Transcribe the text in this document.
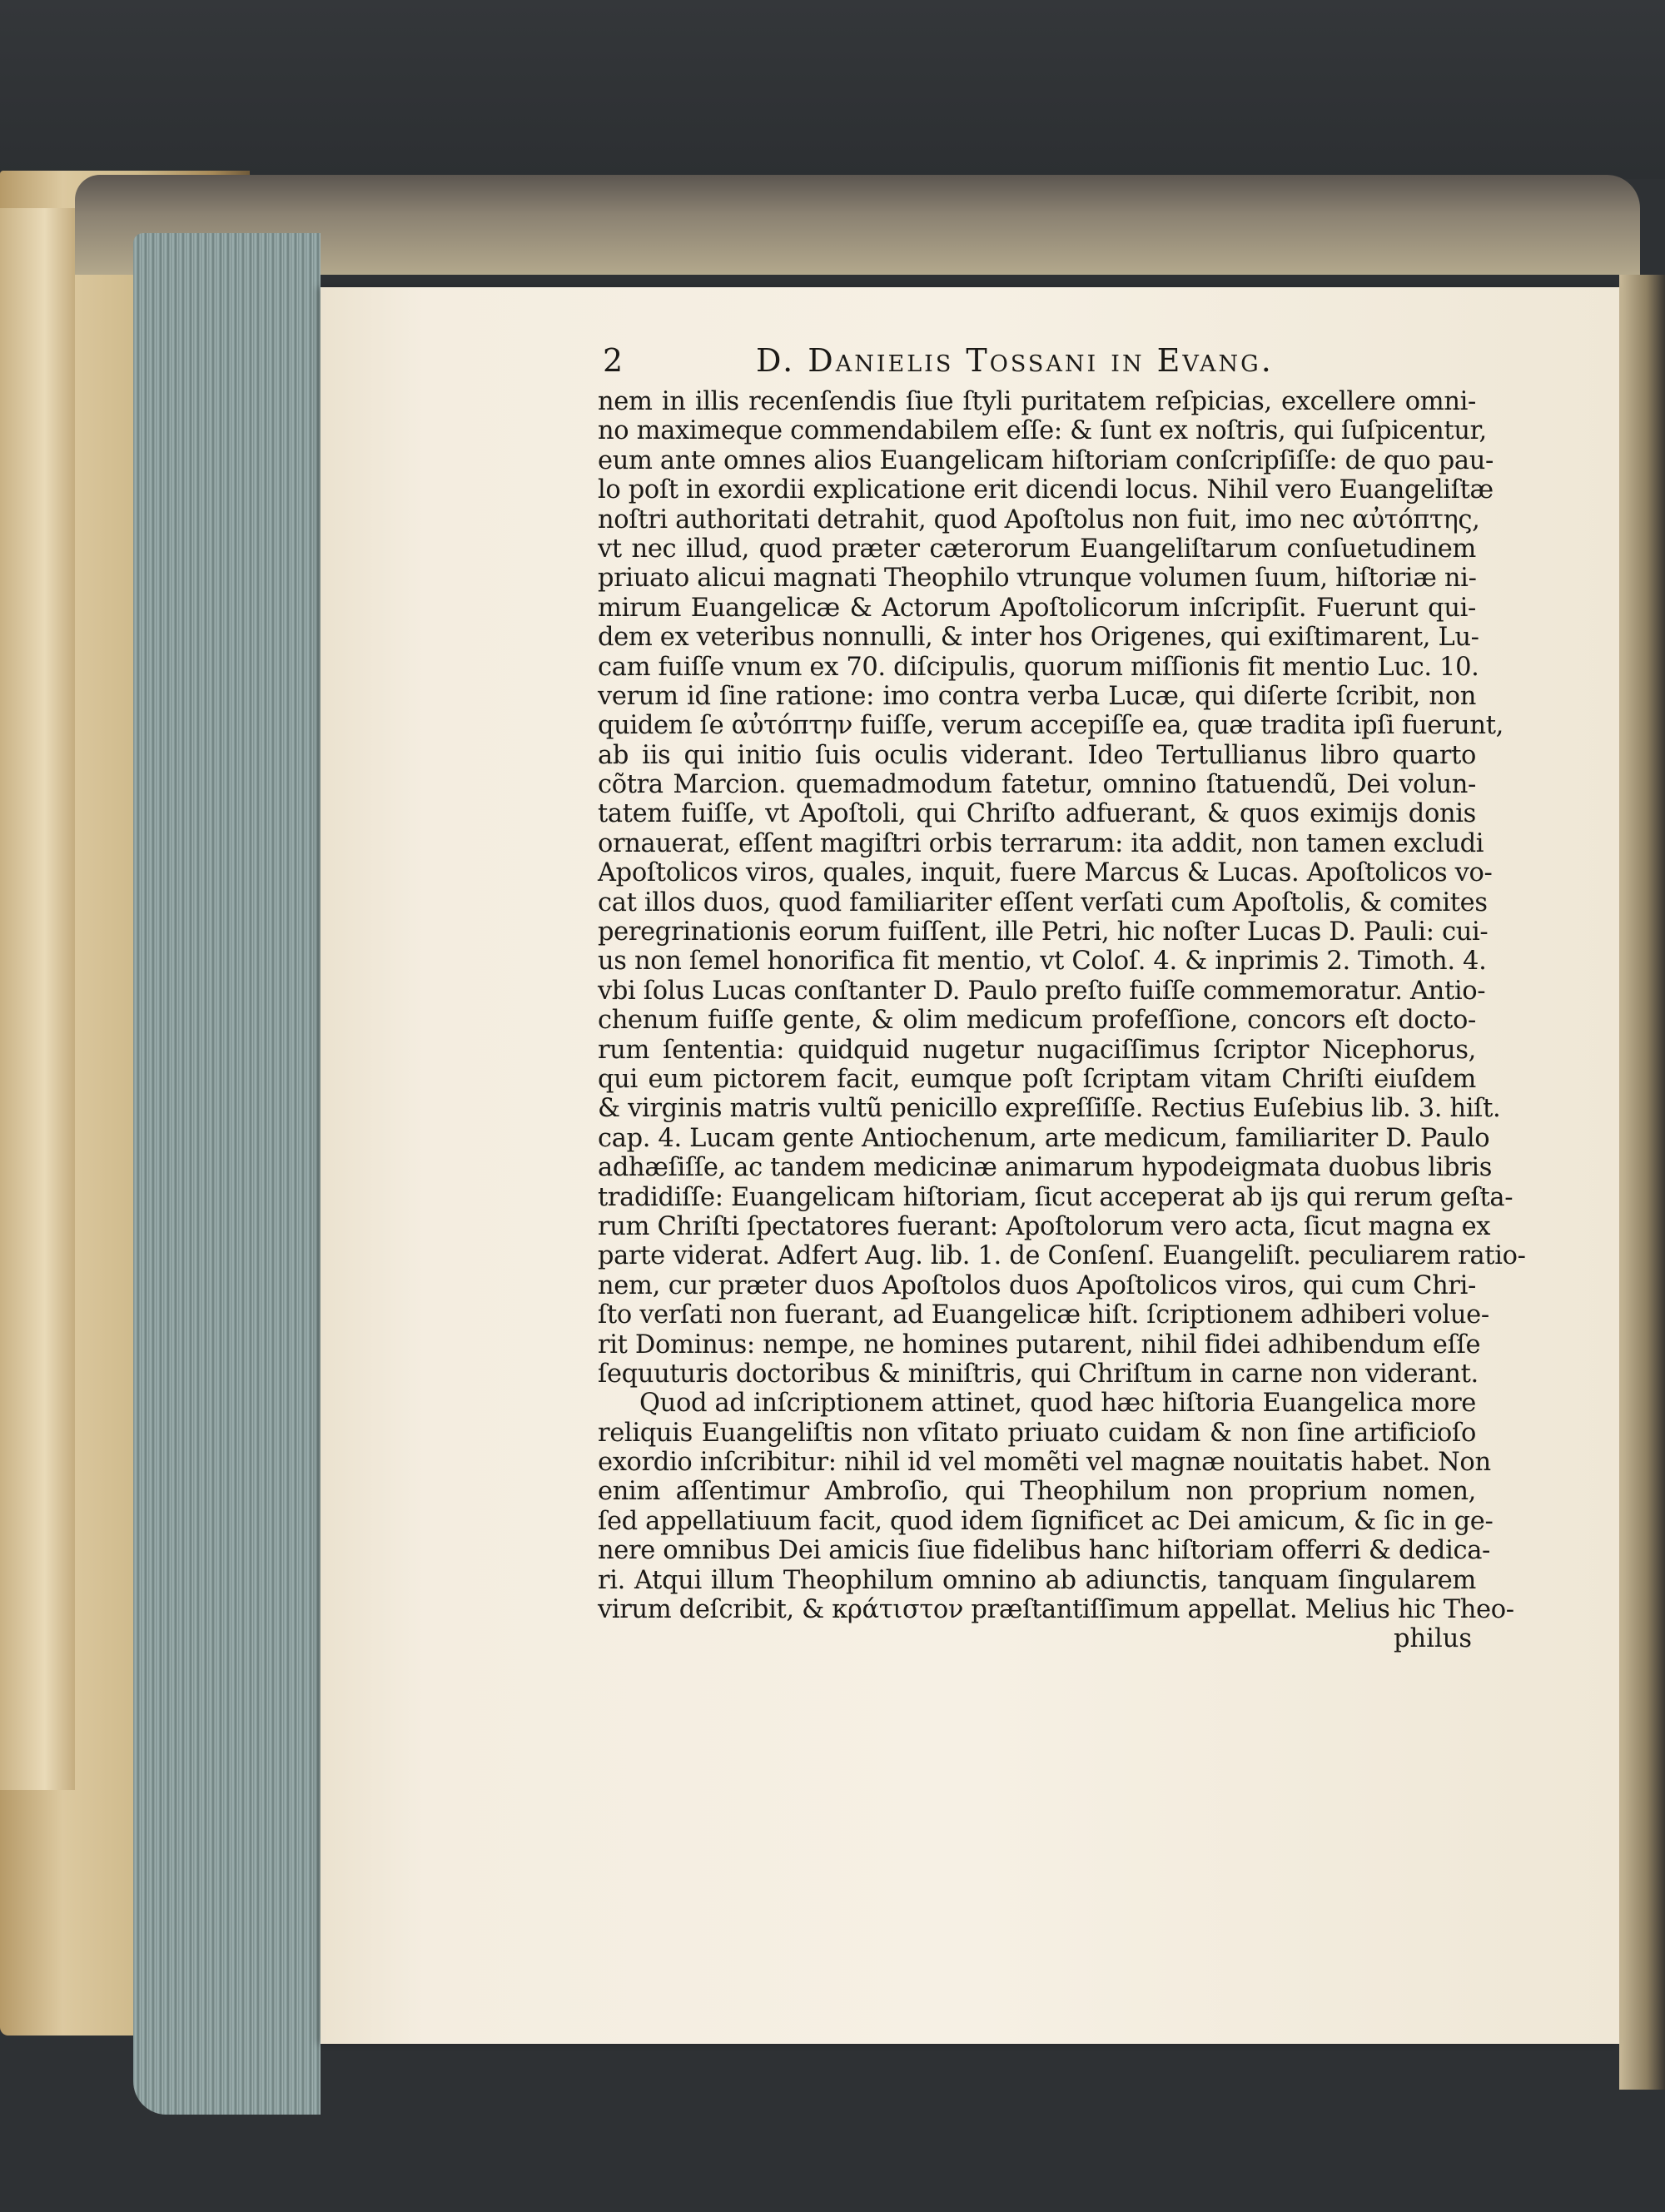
2	D. Danielis Tossani in Evang.
nem in illis recenſendis ſiue ſtyli puritatem reſpicias, excellere omni-
no maximeque commendabilem eſſe: & ſunt ex noſtris, qui ſuſpicentur,
eum ante omnes alios Euangelicam hiſtoriam conſcripſiſſe: de quo pau-
lo poſt in exordii explicatione erit dicendi locus. Nihil vero Euangeliſtæ
noſtri authoritati detrahit, quod Apoſtolus non fuit, imo nec αὐτόπτης,
vt nec illud, quod præter cæterorum Euangeliſtarum conſuetudinem
priuato alicui magnati Theophilo vtrunque volumen ſuum, hiſtoriæ ni-
mirum Euangelicæ & Actorum Apoſtolicorum inſcripſit. Fuerunt qui-
dem ex veteribus nonnulli, & inter hos Origenes, qui exiſtimarent, Lu-
cam fuiſſe vnum ex 70. diſcipulis, quorum miſſionis fit mentio Luc. 10.
verum id ſine ratione: imo contra verba Lucæ, qui diſerte ſcribit, non
quidem ſe αὐτόπτην fuiſſe, verum accepiſſe ea, quæ tradita ipſi fuerunt,
ab iis qui initio ſuis oculis viderant. Ideo Tertullianus libro quarto
cõtra Marcion. quemadmodum fatetur, omnino ſtatuendũ, Dei volun-
tatem fuiſſe, vt Apoſtoli, qui Chriſto adfuerant, & quos eximijs donis
ornauerat, eſſent magiſtri orbis terrarum: ita addit, non tamen excludi
Apoſtolicos viros, quales, inquit, fuere Marcus & Lucas. Apoſtolicos vo-
cat illos duos, quod familiariter eſſent verſati cum Apoſtolis, & comites
peregrinationis eorum fuiſſent, ille Petri, hic noſter Lucas D. Pauli: cui-
us non ſemel honorifica fit mentio, vt Coloſ. 4. & inprimis 2. Timoth. 4.
vbi ſolus Lucas conſtanter D. Paulo preſto fuiſſe commemoratur. Antio-
chenum fuiſſe gente, & olim medicum profeſſione, concors eſt docto-
rum ſententia: quidquid nugetur nugaciſſimus ſcriptor Nicephorus,
qui eum pictorem facit, eumque poſt ſcriptam vitam Chriſti eiuſdem
& virginis matris vultũ penicillo expreſſiſſe. Rectius Euſebius lib. 3. hiſt.
cap. 4. Lucam gente Antiochenum, arte medicum, familiariter D. Paulo
adhæſiſſe, ac tandem medicinæ animarum hypodeigmata duobus libris
tradidiſſe: Euangelicam hiſtoriam, ſicut acceperat ab ijs qui rerum geſta-
rum Chriſti ſpectatores fuerant: Apoſtolorum vero acta, ſicut magna ex
parte viderat. Adfert Aug. lib. 1. de Conſenſ. Euangeliſt. peculiarem ratio-
nem, cur præter duos Apoſtolos duos Apoſtolicos viros, qui cum Chri-
ſto verſati non fuerant, ad Euangelicæ hiſt. ſcriptionem adhiberi volue-
rit Dominus: nempe, ne homines putarent, nihil fidei adhibendum eſſe
ſequuturis doctoribus & miniſtris, qui Chriſtum in carne non viderant.
Quod ad inſcriptionem attinet, quod hæc hiſtoria Euangelica more
reliquis Euangeliſtis non vſitato priuato cuidam & non ſine artificioſo
exordio inſcribitur: nihil id vel momẽti vel magnæ nouitatis habet. Non
enim aſſentimur Ambroſio, qui Theophilum non proprium nomen,
ſed appellatiuum facit, quod idem ſignificet ac Dei amicum, & ſic in ge-
nere omnibus Dei amicis ſiue fidelibus hanc hiſtoriam offerri & dedica-
ri. Atqui illum Theophilum omnino ab adiunctis, tanquam ſingularem
virum deſcribit, & κράτιστον præſtantiſſimum appellat. Melius hic Theo-
philus
